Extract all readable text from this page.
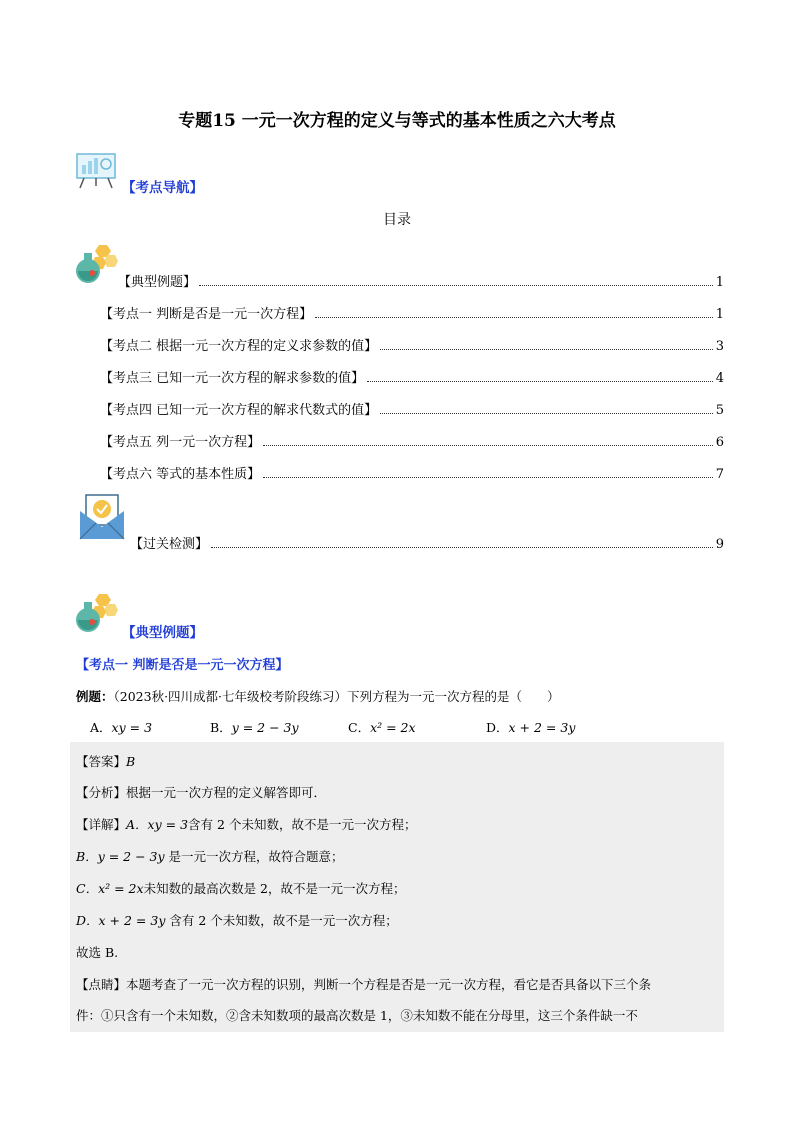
专题15 一元一次方程的定义与等式的基本性质之六大考点
【考点导航】
目录
【典型例题】	1
【考点一 判断是否是一元一次方程】	1
【考点二 根据一元一次方程的定义求参数的值】	3
【考点三 已知一元一次方程的解求参数的值】	4
【考点四 已知一元一次方程的解求代数式的值】	5
【考点五 列一元一次方程】	6
【考点六 等式的基本性质】	7
【过关检测】	9
【典型例题】
【考点一 判断是否是一元一次方程】
例题：（2023秋·四川成都·七年级校考阶段练习）下列方程为一元一次方程的是（　　）
A．xy = 3	B．y = 2 − 3y	C．x² = 2x	D．x + 2 = 3y
【答案】B
【分析】根据一元一次方程的定义解答即可．
【详解】A．xy = 3含有 2 个未知数，故不是一元一次方程；
B．y = 2 − 3y 是一元一次方程，故符合题意；
C．x² = 2x未知数的最高次数是 2，故不是一元一次方程；
D．x + 2 = 3y 含有 2 个未知数，故不是一元一次方程；
故选 B.
【点睛】本题考查了一元一次方程的识别，判断一个方程是否是一元一次方程，看它是否具备以下三个条
件：①只含有一个未知数，②含未知数项的最高次数是 1，③未知数不能在分母里，这三个条件缺一不
